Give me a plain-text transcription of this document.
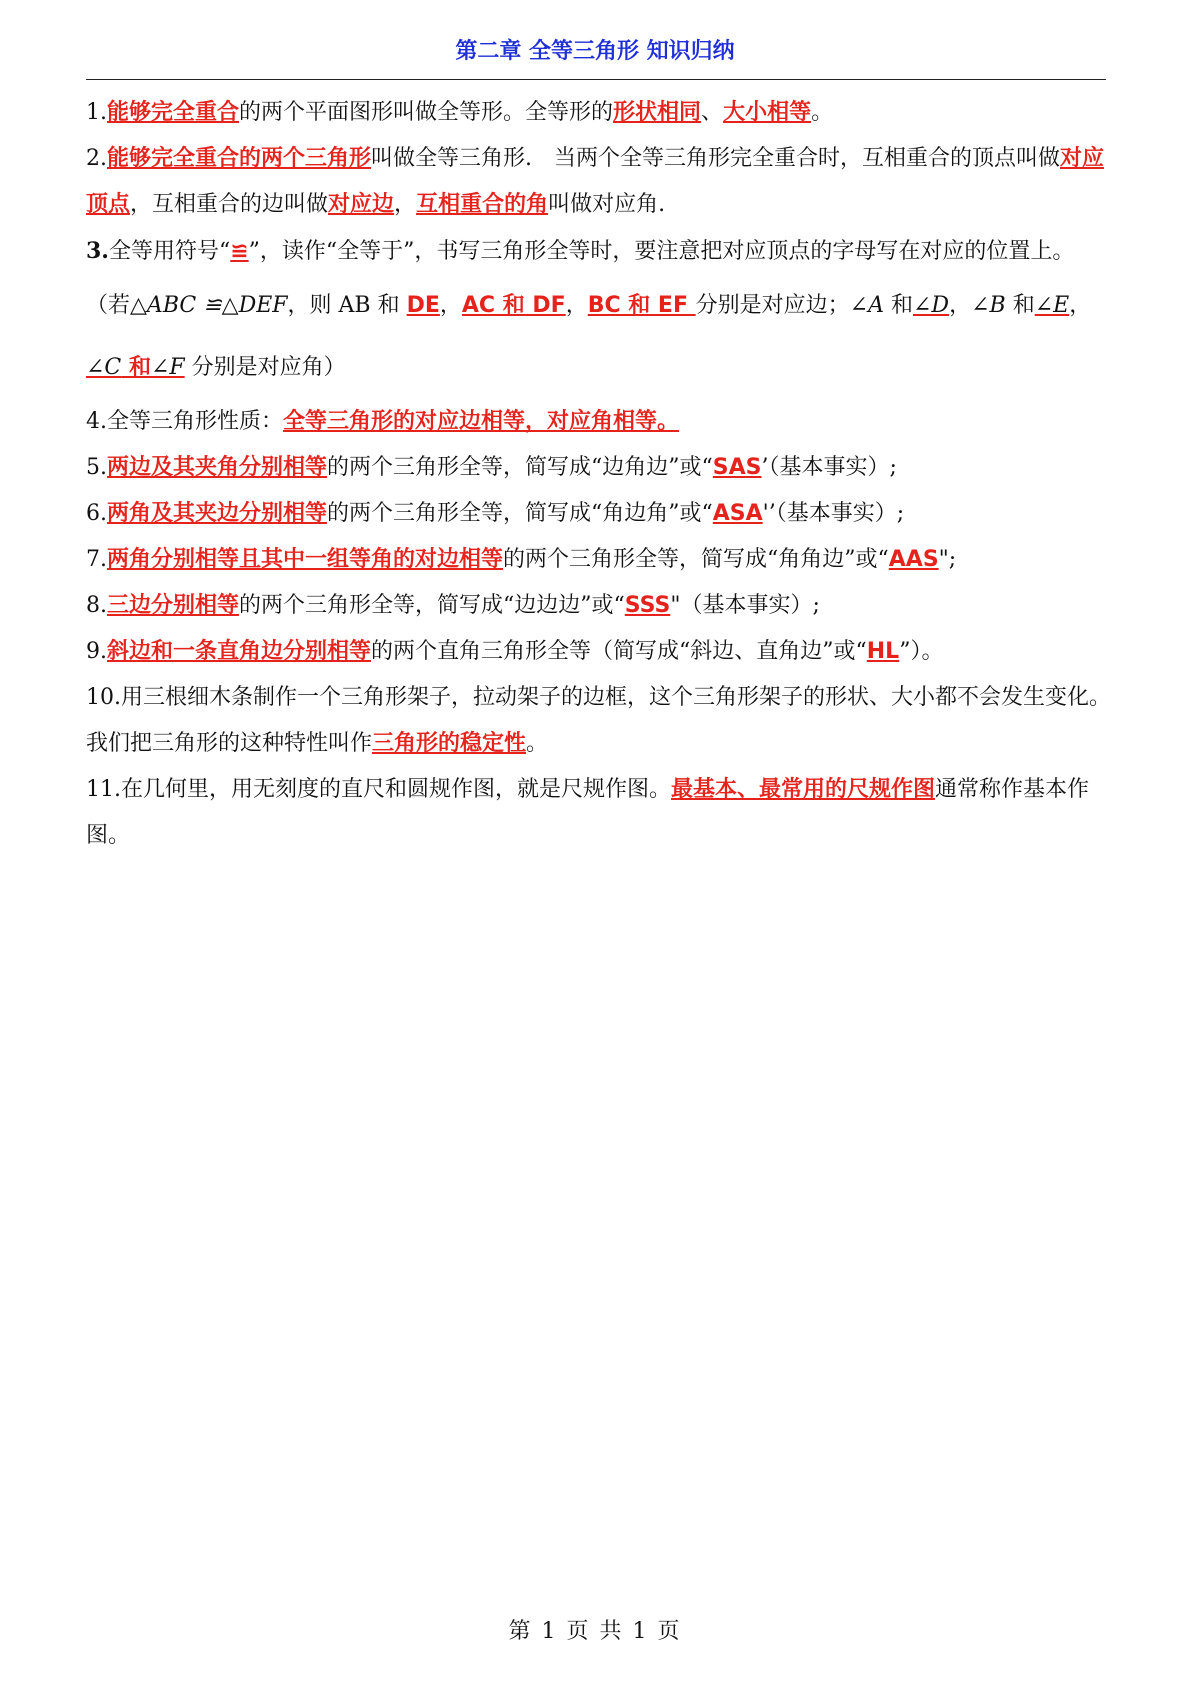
第二章 全等三角形 知识归纳

1.能够完全重合的两个平面图形叫做全等形。全等形的形状相同、大小相等。

2.能够完全重合的两个三角形叫做全等三角形.　当两个全等三角形完全重合时，互相重合的顶点叫做对应顶点，互相重合的边叫做对应边，互相重合的角叫做对应角.

3.全等用符号“≌”，读作“全等于”，书写三角形全等时，要注意把对应顶点的字母写在对应的位置上。

（若△ABC ≌△DEF，则 AB 和 DE，AC 和 DF，BC 和 EF 分别是对应边；∠A 和∠D，∠B 和∠E，∠C 和∠F 分别是对应角）

4.全等三角形性质：全等三角形的对应边相等，对应角相等。

5.两边及其夹角分别相等的两个三角形全等，简写成“边角边”或“SAS’（基本事实）;

6.两角及其夹边分别相等的两个三角形全等，简写成“角边角”或“ASA'’（基本事实）;

7.两角分别相等且其中一组等角的对边相等的两个三角形全等，简写成“角角边”或“AAS";

8.三边分别相等的两个三角形全等，简写成“边边边”或“SSS"（基本事实）;

9.斜边和一条直角边分别相等的两个直角三角形全等（简写成“斜边、直角边”或“HL”）。

10.用三根细木条制作一个三角形架子，拉动架子的边框，这个三角形架子的形状、大小都不会发生变化。　我们把三角形的这种特性叫作三角形的稳定性。

11.在几何里，用无刻度的直尺和圆规作图，就是尺规作图。最基本、最常用的尺规作图通常称作基本作图。

第 1 页 共 1 页
